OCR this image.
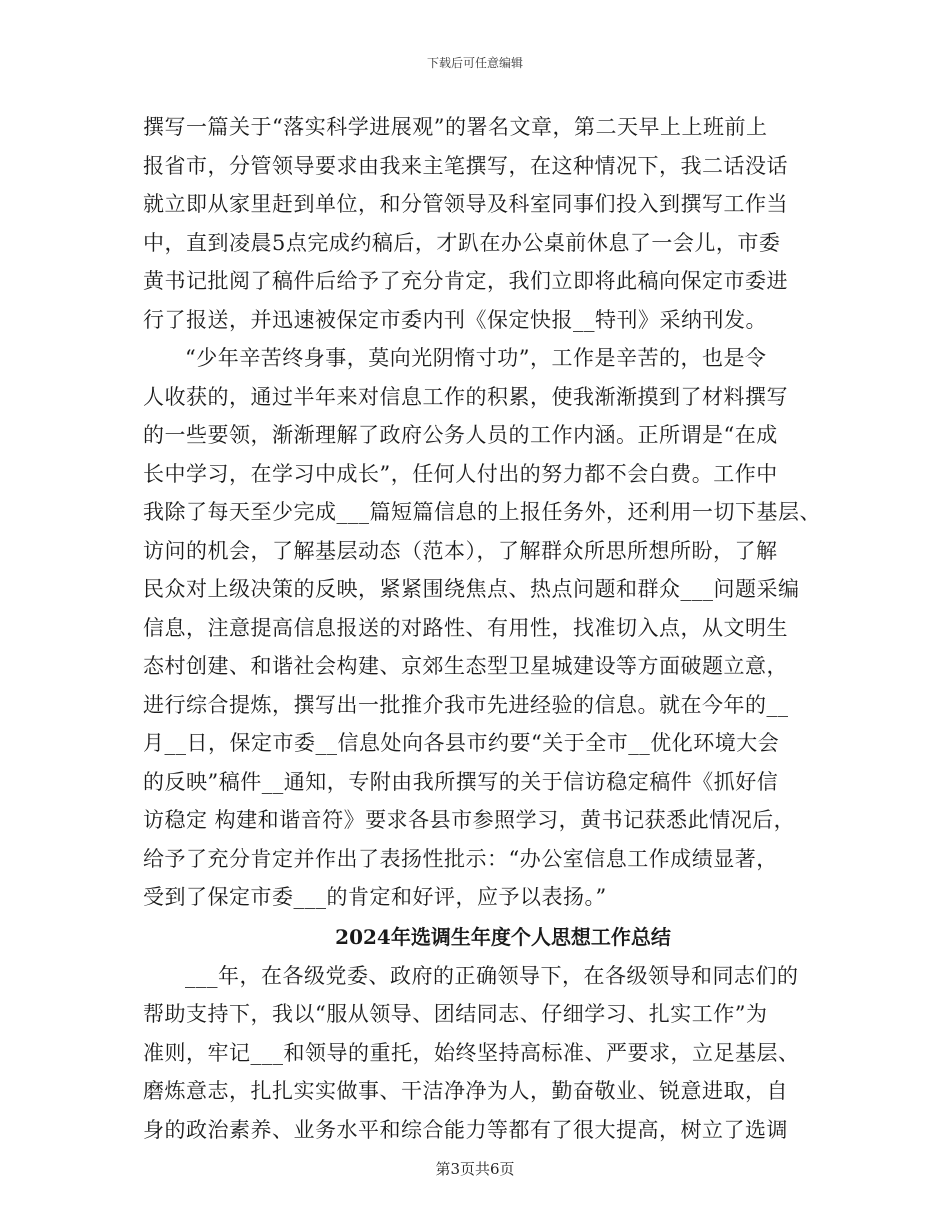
下载后可任意编辑
撰写一篇关于“落实科学进展观”的署名文章，第二天早上上班前上
报省市，分管领导要求由我来主笔撰写，在这种情况下，我二话没话
就立即从家里赶到单位，和分管领导及科室同事们投入到撰写工作当
中，直到凌晨5点完成约稿后，才趴在办公桌前休息了一会儿，市委
黄书记批阅了稿件后给予了充分肯定，我们立即将此稿向保定市委进
行了报送，并迅速被保定市委内刊《保定快报__特刊》采纳刊发。
“少年辛苦终身事，莫向光阴惰寸功”，工作是辛苦的，也是令
人收获的，通过半年来对信息工作的积累，使我渐渐摸到了材料撰写
的一些要领，渐渐理解了政府公务人员的工作内涵。正所谓是“在成
长中学习，在学习中成长”，任何人付出的努力都不会白费。工作中
我除了每天至少完成___篇短篇信息的上报任务外，还利用一切下基层、
访问的机会，了解基层动态（范本），了解群众所思所想所盼，了解
民众对上级决策的反映，紧紧围绕焦点、热点问题和群众___问题采编
信息，注意提高信息报送的对路性、有用性，找准切入点，从文明生
态村创建、和谐社会构建、京郊生态型卫星城建设等方面破题立意，
进行综合提炼，撰写出一批推介我市先进经验的信息。就在今年的__
月__日，保定市委__信息处向各县市约要“关于全市__优化环境大会
的反映”稿件__通知，专附由我所撰写的关于信访稳定稿件《抓好信
访稳定 构建和谐音符》要求各县市参照学习，黄书记获悉此情况后，
给予了充分肯定并作出了表扬性批示：“办公室信息工作成绩显著，
受到了保定市委___的肯定和好评，应予以表扬。”
2024年选调生年度个人思想工作总结
___年，在各级党委、政府的正确领导下，在各级领导和同志们的
帮助支持下，我以“服从领导、团结同志、仔细学习、扎实工作”为
准则，牢记___和领导的重托，始终坚持高标准、严要求，立足基层、
磨炼意志，扎扎实实做事、干洁净净为人，勤奋敬业、锐意进取，自
身的政治素养、业务水平和综合能力等都有了很大提高，树立了选调
第3页共6页
